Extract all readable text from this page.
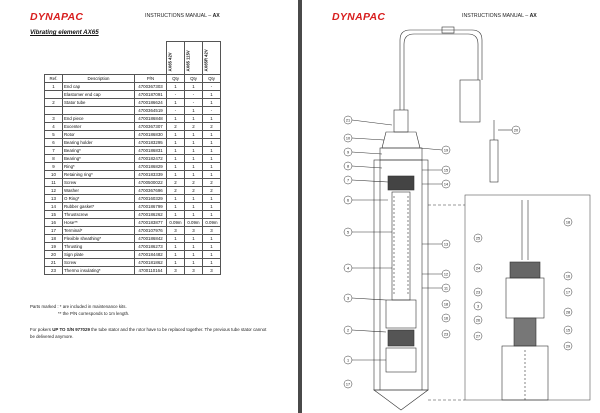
DYNAPAC	INSTRUCTIONS MANUAL – AX
Vibrating element AX65

			AX65 42V	AX65 115V	AX65R 42V

Ref.	Description	P/N	Qty	Qty	Qty
1	End cap	4700367303	1	1	-
	Elastomer end cap	4700187091	-	-	1
2	Stator tube	4700186624	1	-	1
		4700364519	-	1	-
3	End piece	4700186848	1	1	1
4	Excenter	4700367307	2	2	2
5	Rotor	4700186830	1	1	1
6	Bearing holder	4700183295	1	1	1
7	Bearing*	4700186831	1	1	1
8	Bearing*	4700182472	1	1	1
9	Ring*	4700186829	1	1	1
10	Retaining ring*	4700183339	1	1	1
11	Screw	4700500022	2	2	2
12	Washer	4700367696	2	2	2
13	O Ring*	4700160329	1	1	1
14	Rubber gasket*	4700186799	1	1	1
15	Thrustscrew	4700186262	1	1	1
16	Hose**	4700183877	0.09m	0.09m	0.09m
17	Terminal*	4700107976	3	3	3
18	Flexible sheathing*	4700186842	1	1	1
19	Thrusting	4700186273	1	1	1
20	Sign plate	4700184482	1	1	1
21	Screw	4700181862	1	1	1
23	Thermo insulating*	4700110164	3	3	3
Parts marked : * are included in maintenance kits.
** the P/N corresponds to 1m length.
For pokers UP TO S/N 977029 the tube stator and the rotor have to be replaced together. The previous tube stator cannot be delivered anymore.
DYNAPAC	INSTRUCTIONS MANUAL – AX
21
10
9
8
7
6
5
4
3
2
1
20
19
15
14
13
12
11
17
18
16
23
25
24
23
3
26
27
28
29
18
16
17
15
